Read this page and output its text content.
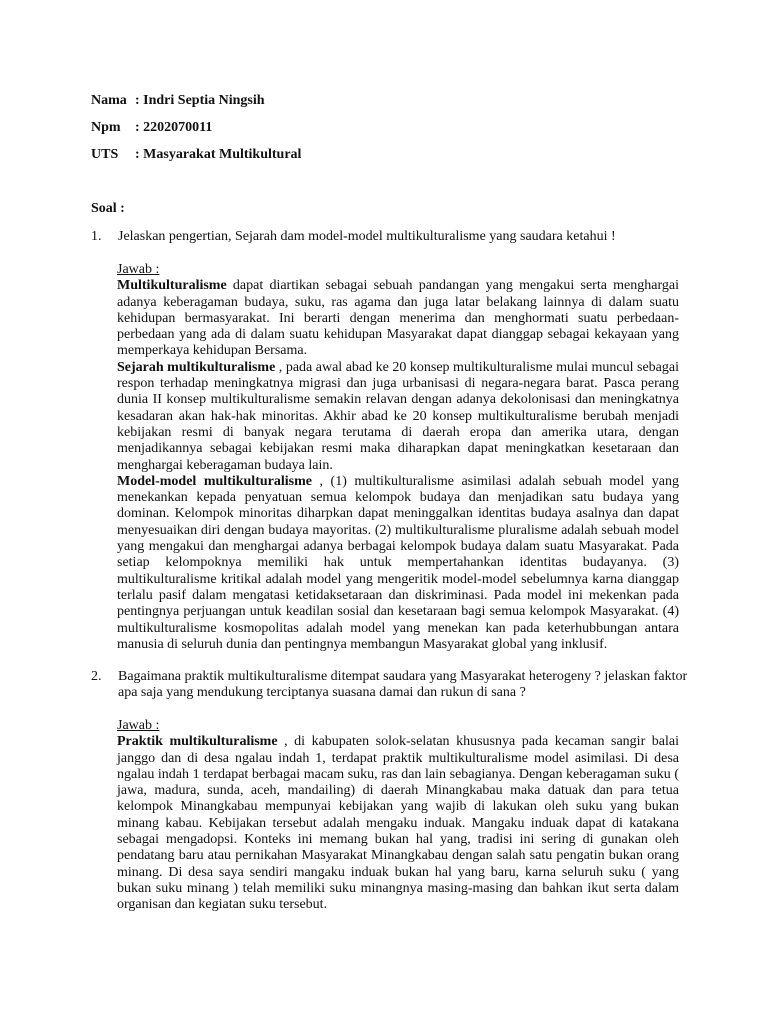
Nama : Indri Septia Ningsih
Npm	: 2202070011
UTS	: Masyarakat Multikultural
Soal :
1. Jelaskan pengertian, Sejarah dam model-model multikulturalisme yang saudara ketahui !
Jawab :

Multikulturalisme dapat diartikan sebagai sebuah pandangan yang mengakui serta menghargai adanya keberagaman budaya, suku, ras agama dan juga latar belakang lainnya di dalam suatu kehidupan bermasyarakat. Ini berarti dengan menerima dan menghormati suatu perbedaan-perbedaan yang ada di dalam suatu kehidupan Masyarakat dapat dianggap sebagai kekayaan yang memperkaya kehidupan Bersama.

Sejarah multikulturalisme , pada awal abad ke 20 konsep multikulturalisme mulai muncul sebagai respon terhadap meningkatnya migrasi dan juga urbanisasi di negara-negara barat. Pasca perang dunia II konsep multikulturalisme semakin relavan dengan adanya dekolonisasi dan meningkatnya kesadaran akan hak-hak minoritas. Akhir abad ke 20 konsep multikulturalisme berubah menjadi kebijakan resmi di banyak negara terutama di daerah eropa dan amerika utara, dengan menjadikannya sebagai kebijakan resmi maka diharapkan dapat meningkatkan kesetaraan dan menghargai keberagaman budaya lain.

Model-model multikulturalisme , (1) multikulturalisme asimilasi adalah sebuah model yang menekankan kepada penyatuan semua kelompok budaya dan menjadikan satu budaya yang dominan. Kelompok minoritas diharpkan dapat meninggalkan identitas budaya asalnya dan dapat menyesuaikan diri dengan budaya mayoritas. (2) multikulturalisme pluralisme adalah sebuah model yang mengakui dan menghargai adanya berbagai kelompok budaya dalam suatu Masyarakat. Pada setiap kelompoknya memiliki hak untuk mempertahankan identitas budayanya. (3) multikulturalisme kritikal adalah model yang mengeritik model-model sebelumnya karna dianggap terlalu pasif dalam mengatasi ketidaksetaraan dan diskriminasi. Pada model ini mekenkan pada pentingnya perjuangan untuk keadilan sosial dan kesetaraan bagi semua kelompok Masyarakat. (4) multikulturalisme kosmopolitas adalah model yang menekan kan pada keterhubbungan antara manusia di seluruh dunia dan pentingnya membangun Masyarakat global yang inklusif.

2. Bagaimana praktik multikulturalisme ditempat saudara yang Masyarakat heterogeny ? jelaskan faktor apa saja yang mendukung terciptanya suasana damai dan rukun di sana ?
Jawab :

Praktik multikulturalisme , di kabupaten solok-selatan khususnya pada kecaman sangir balai janggo dan di desa ngalau indah 1, terdapat praktik multikulturalisme model asimilasi. Di desa ngalau indah 1 terdapat berbagai macam suku, ras dan lain sebagianya. Dengan keberagaman suku ( jawa, madura, sunda, aceh, mandailing) di daerah Minangkabau maka datuak dan para tetua kelompok Minangkabau mempunyai kebijakan yang wajib di lakukan oleh suku yang bukan minang kabau. Kebijakan tersebut adalah mengaku induak. Mangaku induak dapat di katakana sebagai mengadopsi. Konteks ini memang bukan hal yang, tradisi ini sering di gunakan oleh pendatang baru atau pernikahan Masyarakat Minangkabau dengan salah satu pengatin bukan orang minang. Di desa saya sendiri mangaku induak bukan hal yang baru, karna seluruh suku ( yang bukan suku minang ) telah memiliki suku minangnya masing-masing dan bahkan ikut serta dalam organisan dan kegiatan suku tersebut.
